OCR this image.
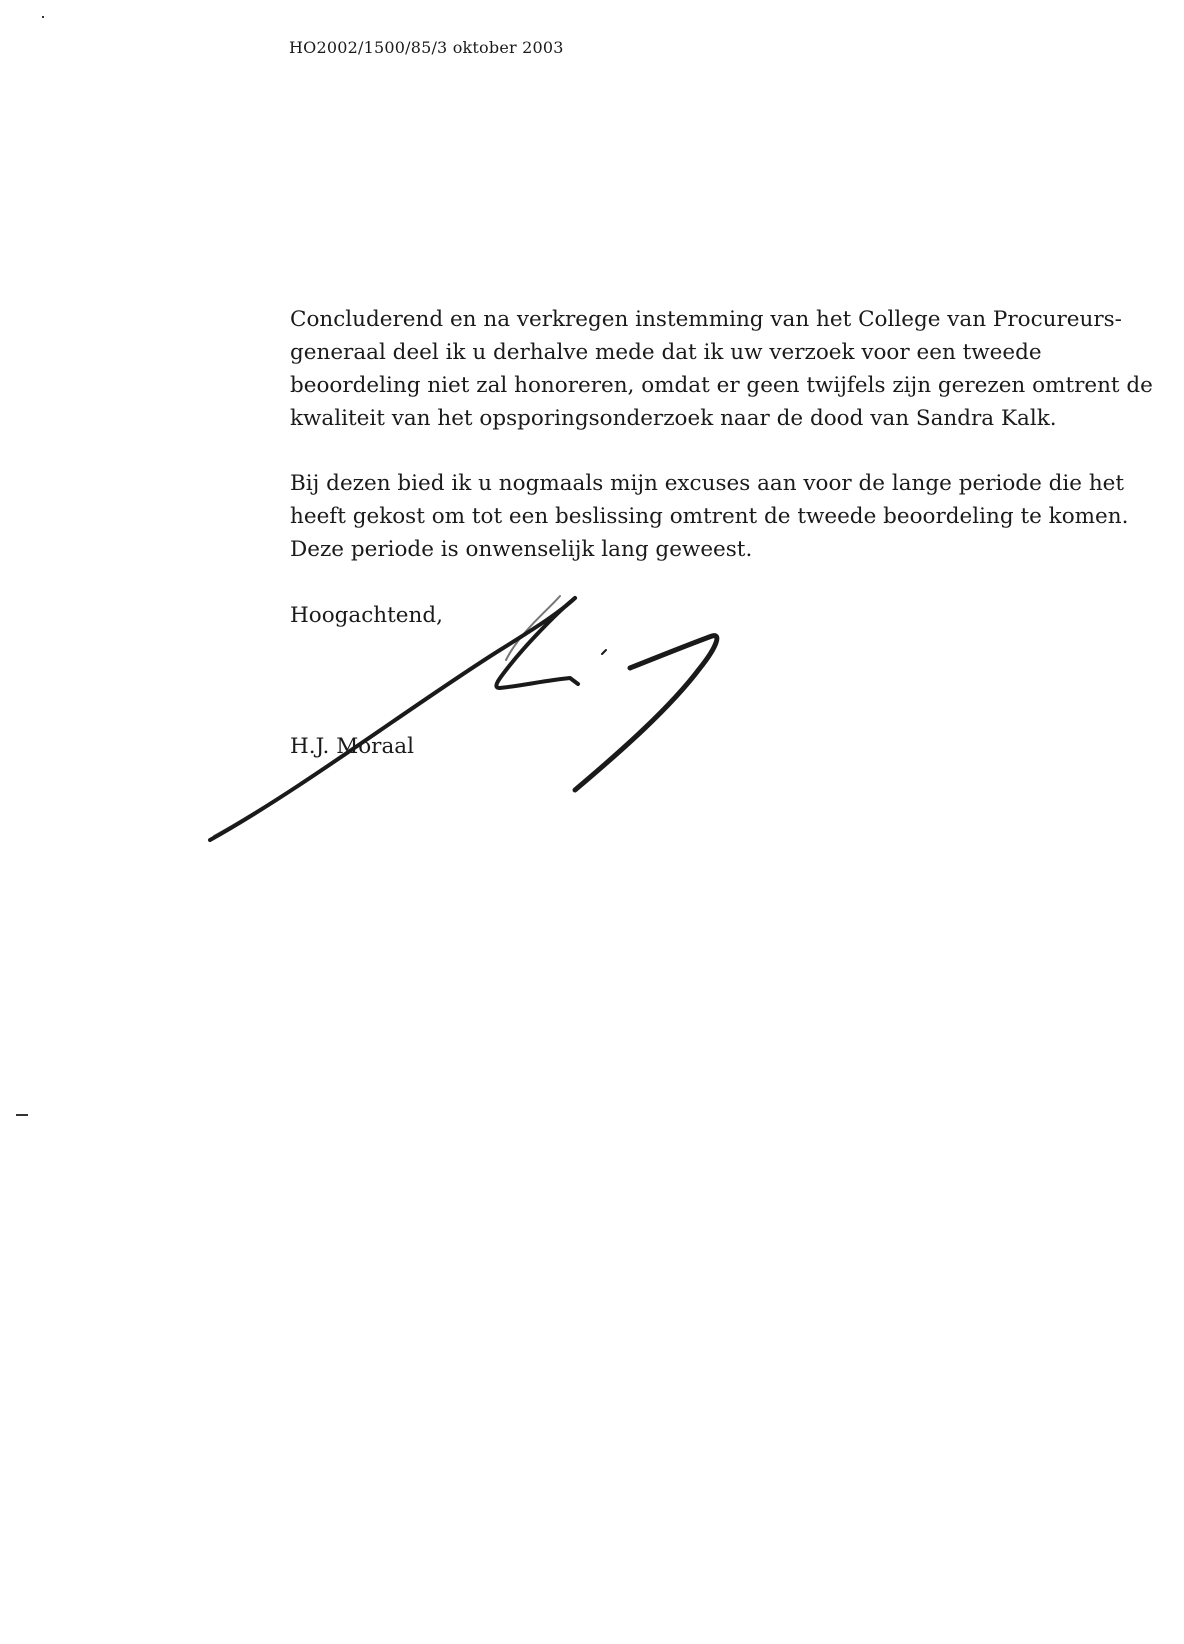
HO2002/1500/85/3 oktober 2003

Concluderend en na verkregen instemming van het College van Procureurs-
generaal deel ik u derhalve mede dat ik uw verzoek voor een tweede
beoordeling niet zal honoreren, omdat er geen twijfels zijn gerezen omtrent de
kwaliteit van het opsporingsonderzoek naar de dood van Sandra Kalk.

Bij dezen bied ik u nogmaals mijn excuses aan voor de lange periode die het
heeft gekost om tot een beslissing omtrent de tweede beoordeling te komen.
Deze periode is onwenselijk lang geweest.

Hoogachtend,

H.J. Moraal
